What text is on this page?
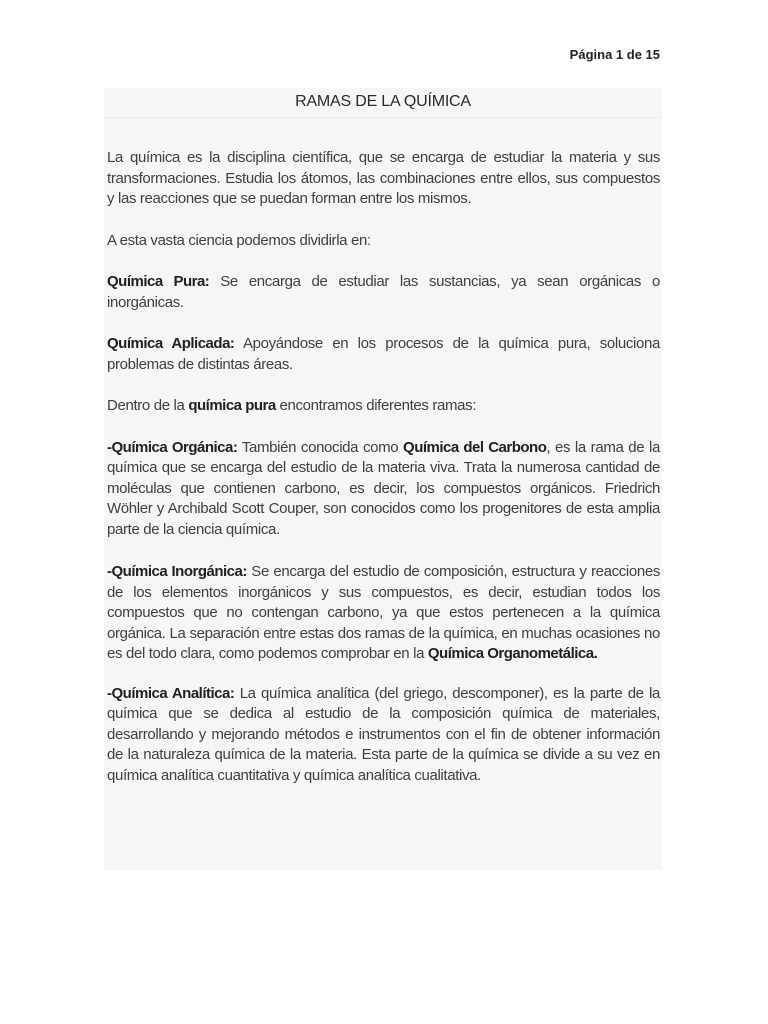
Página 1 de 15
RAMAS DE LA QUÍMICA

La química es la disciplina científica, que se encarga de estudiar la materia y sus transformaciones. Estudia los átomos, las combinaciones entre ellos, sus compuestos y las reacciones que se puedan forman entre los mismos.

A esta vasta ciencia podemos dividirla en:

Química Pura: Se encarga de estudiar las sustancias, ya sean orgánicas o inorgánicas.

Química Aplicada: Apoyándose en los procesos de la química pura, soluciona problemas de distintas áreas.

Dentro de la química pura encontramos diferentes ramas:

-Química Orgánica: También conocida como Química del Carbono, es la rama de la química que se encarga del estudio de la materia viva. Trata la numerosa cantidad de moléculas que contienen carbono, es decir, los compuestos orgánicos. Friedrich Wöhler y Archibald Scott Couper, son conocidos como los progenitores de esta amplia parte de la ciencia química.

-Química Inorgánica: Se encarga del estudio de composición, estructura y reacciones de los elementos inorgánicos y sus compuestos, es decir, estudian todos los compuestos que no contengan carbono, ya que estos pertenecen a la química orgánica. La separación entre estas dos ramas de la química, en muchas ocasiones no es del todo clara, como podemos comprobar en la Química Organometálica.

-Química Analítica: La química analítica (del griego, descomponer), es la parte de la química que se dedica al estudio de la composición química de materiales, desarrollando y mejorando métodos e instrumentos con el fin de obtener información de la naturaleza química de la materia. Esta parte de la química se divide a su vez en química analítica cuantitativa y química analítica cualitativa.
